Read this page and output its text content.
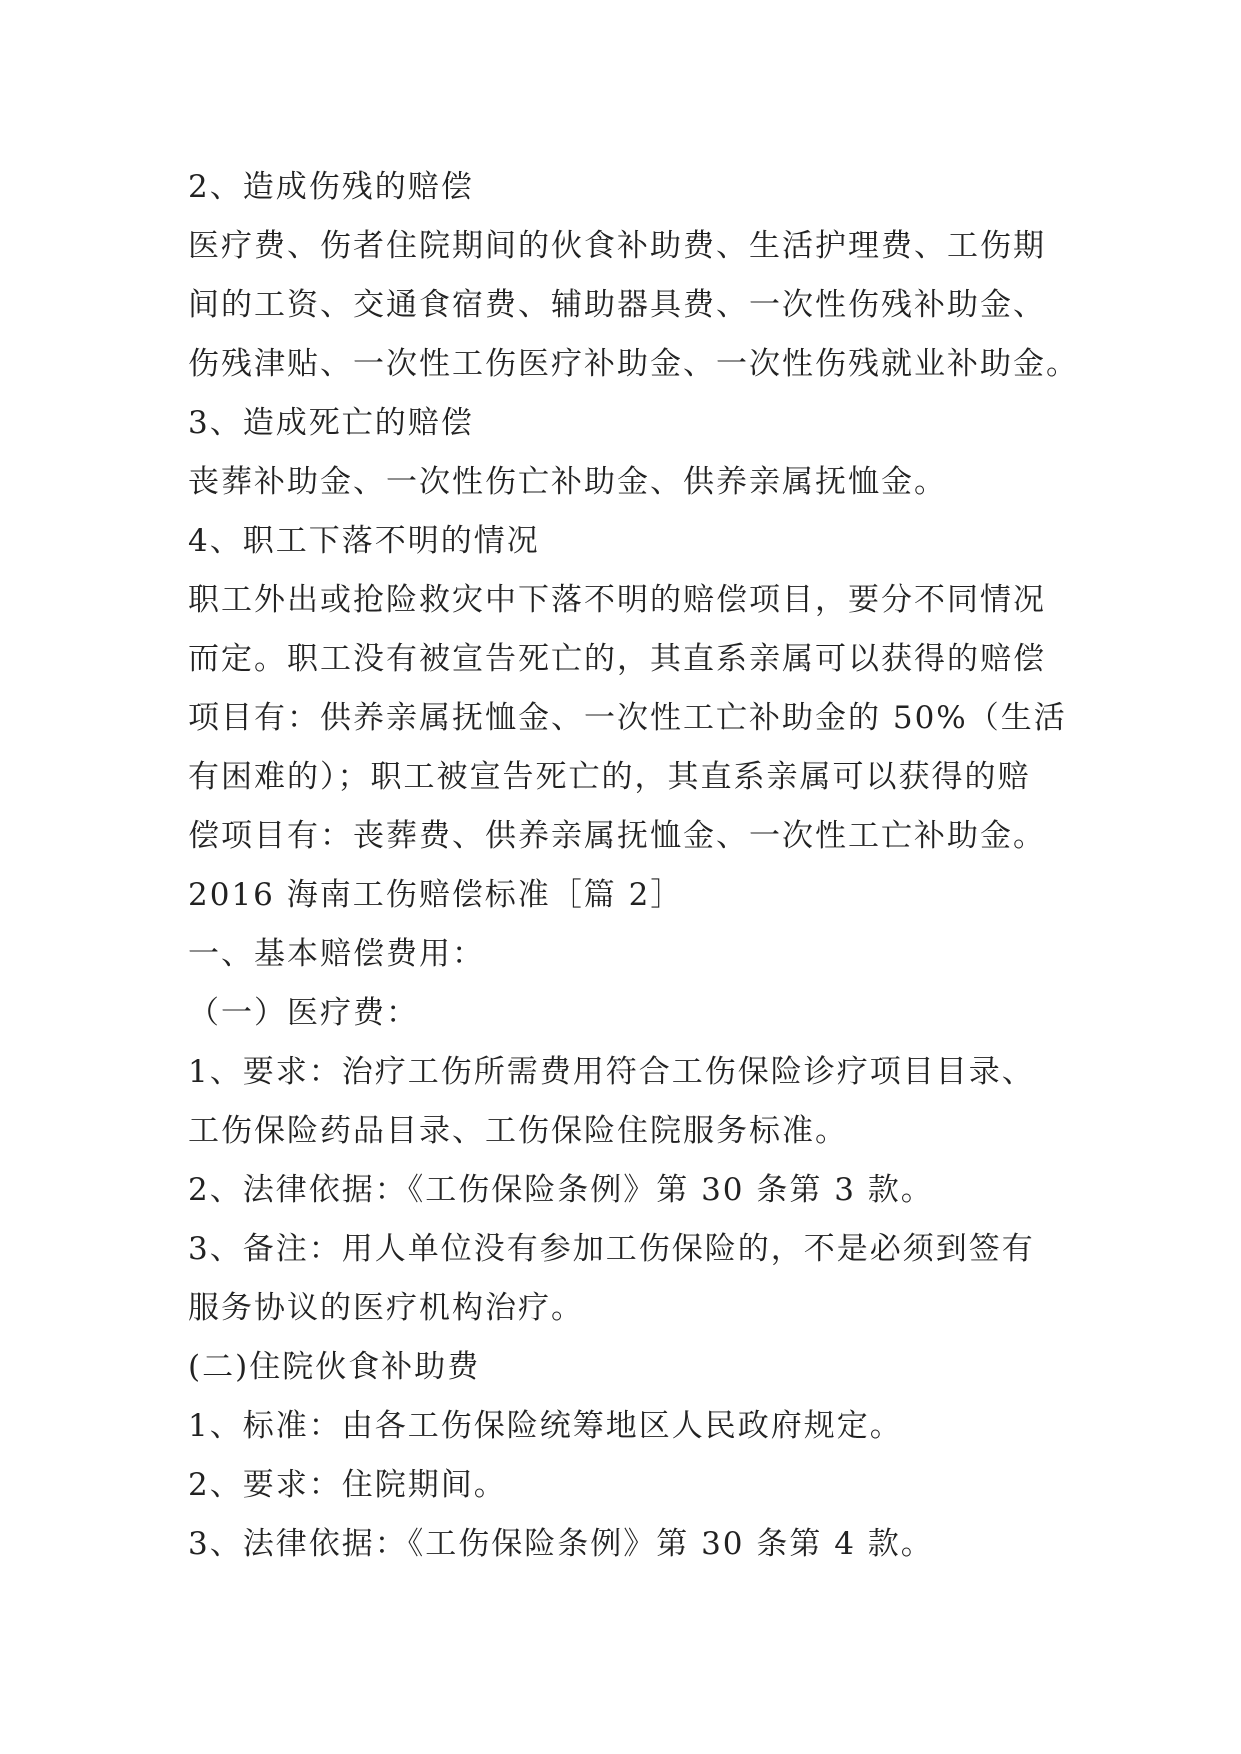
2、造成伤残的赔偿

医疗费、伤者住院期间的伙食补助费、生活护理费、工伤期

间的工资、交通食宿费、辅助器具费、一次性伤残补助金、

伤残津贴、一次性工伤医疗补助金、一次性伤残就业补助金。

3、造成死亡的赔偿

丧葬补助金、一次性伤亡补助金、供养亲属抚恤金。

4、职工下落不明的情况

职工外出或抢险救灾中下落不明的赔偿项目，要分不同情况

而定。职工没有被宣告死亡的，其直系亲属可以获得的赔偿

项目有：供养亲属抚恤金、一次性工亡补助金的 50%（生活

有困难的）；职工被宣告死亡的，其直系亲属可以获得的赔

偿项目有：丧葬费、供养亲属抚恤金、一次性工亡补助金。

2016 海南工伤赔偿标准［篇 2］

一、基本赔偿费用：

（一）医疗费：

1、要求：治疗工伤所需费用符合工伤保险诊疗项目目录、

工伤保险药品目录、工伤保险住院服务标准。

2、法律依据：《工伤保险条例》第 30 条第 3 款。

3、备注：用人单位没有参加工伤保险的，不是必须到签有

服务协议的医疗机构治疗。

(二)住院伙食补助费

1、标准：由各工伤保险统筹地区人民政府规定。

2、要求：住院期间。

3、法律依据：《工伤保险条例》第 30 条第 4 款。
